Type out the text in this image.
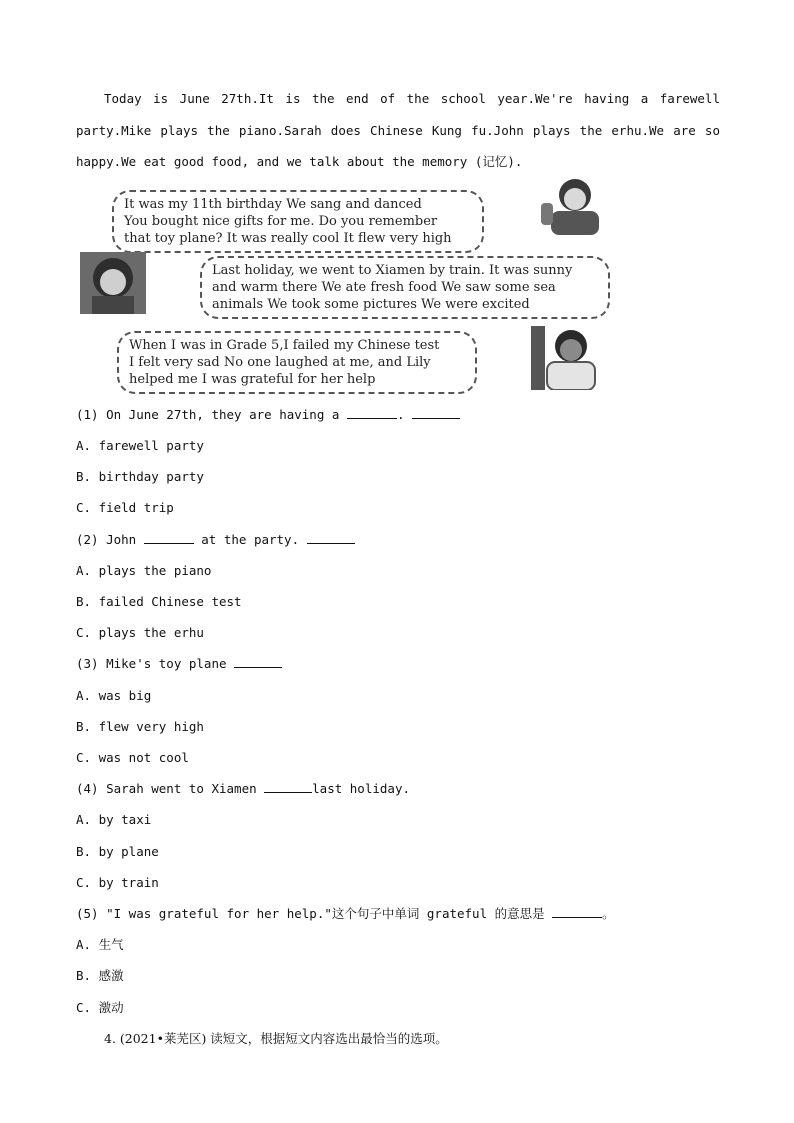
Today is June 27th.It is the end of the school year.We're having a farewell party.Mike plays the piano.Sarah does Chinese Kung fu.John plays the erhu.We are so happy.We eat good food, and we talk about the memory (记忆).
It was my 11th birthday We sang and danced
You bought nice gifts for me. Do you remember
that toy plane? It was really cool It flew very high
Last holiday, we went to Xiamen by train. It was sunny
and warm there We ate fresh food We saw some sea
animals We took some pictures We were excited
When I was in Grade 5,I failed my Chinese test
I felt very sad No one laughed at me, and Lily
helped me I was grateful for her help
(1) On June 27th, they are having a	.
A. farewell party
B. birthday party
C. field trip
(2) John	at the party.
A. plays the piano
B. failed Chinese test
C. plays the erhu
(3) Mike's toy plane
A. was big
B. flew very high
C. was not cool
(4) Sarah went to Xiamen	last holiday.
A. by taxi
B. by plane
C. by train
(5) "I was grateful for her help."这个句子中单词 grateful 的意思是	。
A. 生气
B. 感激
C. 激动
4. (2021•莱芜区) 读短文，根据短文内容选出最恰当的选项。
